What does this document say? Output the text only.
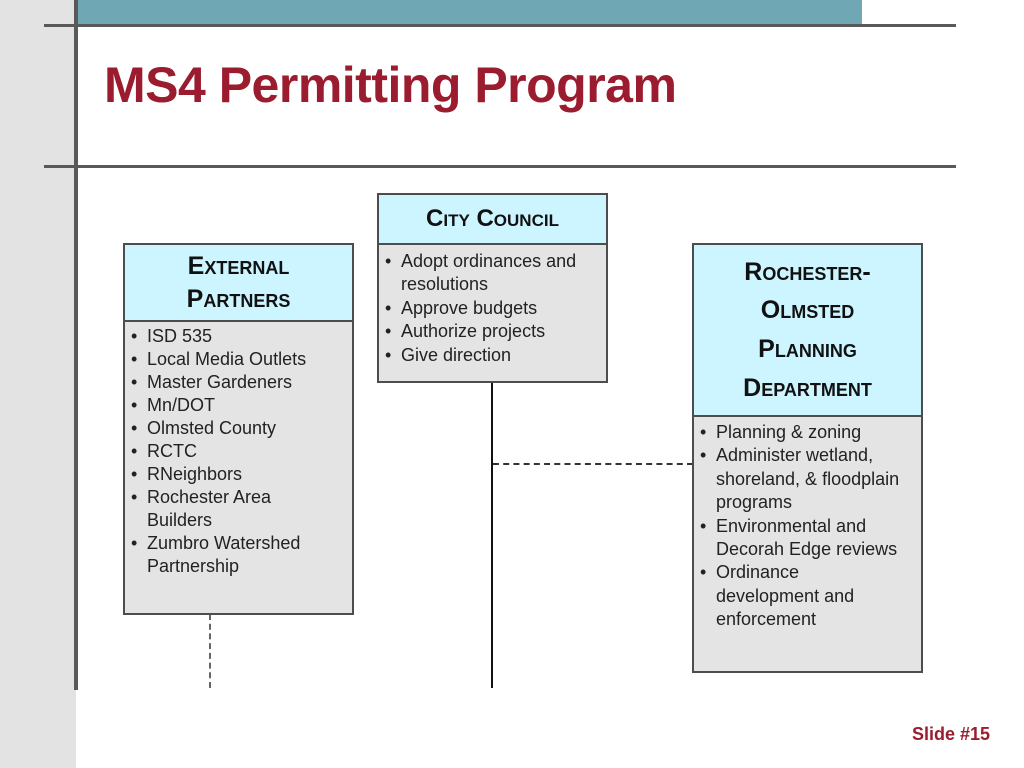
MS4 Permitting Program
City Council
• Adopt ordinances and resolutions
• Approve budgets
• Authorize projects
• Give direction
External
Partners
• ISD 535
• Local Media Outlets
• Master Gardeners
• Mn/DOT
• Olmsted County
• RCTC
• RNeighbors
• Rochester Area Builders
• Zumbro Watershed Partnership
Rochester-
Olmsted
Planning
Department
• Planning & zoning
• Administer wetland, shoreland, & floodplain programs
• Environmental and Decorah Edge reviews
• Ordinance development and enforcement
Slide #15
